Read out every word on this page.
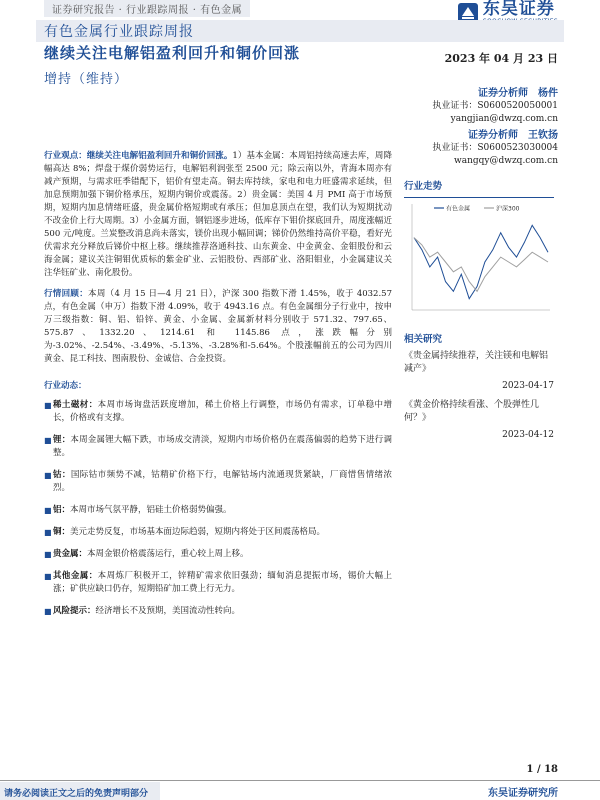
证券研究报告 · 行业跟踪周报 · 有色金属	东吴证券
有色金属行业跟踪周报
继续关注电解铝盈利回升和铜价回涨
增持（维持）
2023 年 04 月 23 日
证券分析师　杨件
执业证书：S0600520050001
yangjian@dwzq.com.cn
证券分析师　王钦扬
执业证书：S0600523030004
wangqy@dwzq.com.cn

行业观点：继续关注电解铝盈利回升和铜价回涨。1）基本金属：本周铝持续高速去库，周降幅高达 8%；焊盘于煤价弱势运行，电解铝利润张至 2500 元；除云南以外，青海本周亦有减产预期，与需求旺季错配下，铝价有望走高。铜去库持续，家电和电力旺盛需求延续，但加息预期加强下铜价格承压，短期内铜价或震荡。2）贵金属：美国 4 月 PMI 高于市场预期，短期内加息情绪旺盛，贵金属价格短期或有承压；但加息顶点在望，我们认为短期扰动不改金价上行大周期。3）小金属方面，钢铝逐步进场，低库存下钼价探底回升，周度涨幅近 500 元/吨度。兰炭整改消息尚未落实，镁价出现小幅回调；锑价仍然维持高价平稳，看好光伏需求充分释放后锑价中枢上移。继续推荐洛通科技、山东黄金、中金黄金、金钼股份和云海金属；建议关注铜钼优质标的紫金矿业、云铝股份、西部矿业、洛阳钼业，小金属建议关注华钰矿业、南化股份。

行情回顾：本周（4 月 15 日—4 月 21 日），沪深 300 指数下滑 1.45%，收于 4032.57 点，有色金属（申万）指数下滑 4.09%，收于 4943.16 点。有色金属细分子行业中，按申万三级指数：铜、铝、铅锌、黄金、小金属、金属新材料分别收于 571.32、797.65、575.87、1332.20、1214.61 和 1145.86 点，涨跌幅分别为-3.02%、-2.54%、-3.49%、-5.13%、-3.28%和-5.64%。个股涨幅前五的公司为四川黄金、昆工科技、图南股份、金诚信、合金投资。

行业动态：
■ 稀土磁材：本周市场询盘活跃度增加，稀土价格上行调整，市场仍有需求，订单稳中增长，价格或有支撑。
■ 锂：本周金属锂大幅下跌，市场成交清淡，短期内市场价格仍在震荡偏弱的趋势下进行调整。
■ 钴：国际钴市频势不减，钴精矿价格下行，电解钴场内流通现货紧缺，厂商惜售情绪浓烈。
■ 铝：本周市场气氛平静，铝硅土价格弱势偏强。
■ 铜：美元走势反复，市场基本面边际趋弱，短期内将处于区间震荡格局。
■ 贵金属：本周金银价格震荡运行，重心较上周上移。
■ 其他金属：本周炼厂积极开工，锌精矿需求依旧强劲；缅甸消息提振市场，锡价大幅上涨；矿供应缺口仍存，短期铅矿加工费上行无力。
■ 风险提示：经济增长不及预期，美国流动性转向。
行业走势
有色金属	沪深300
相关研究
《贵金属持续推荐，关注镁和电解铝减产》
2023-04-17
《黄金价格持续看涨、个股弹性几何？》
2023-04-12
1 / 18
请务必阅读正文之后的免责声明部分	东吴证券研究所
